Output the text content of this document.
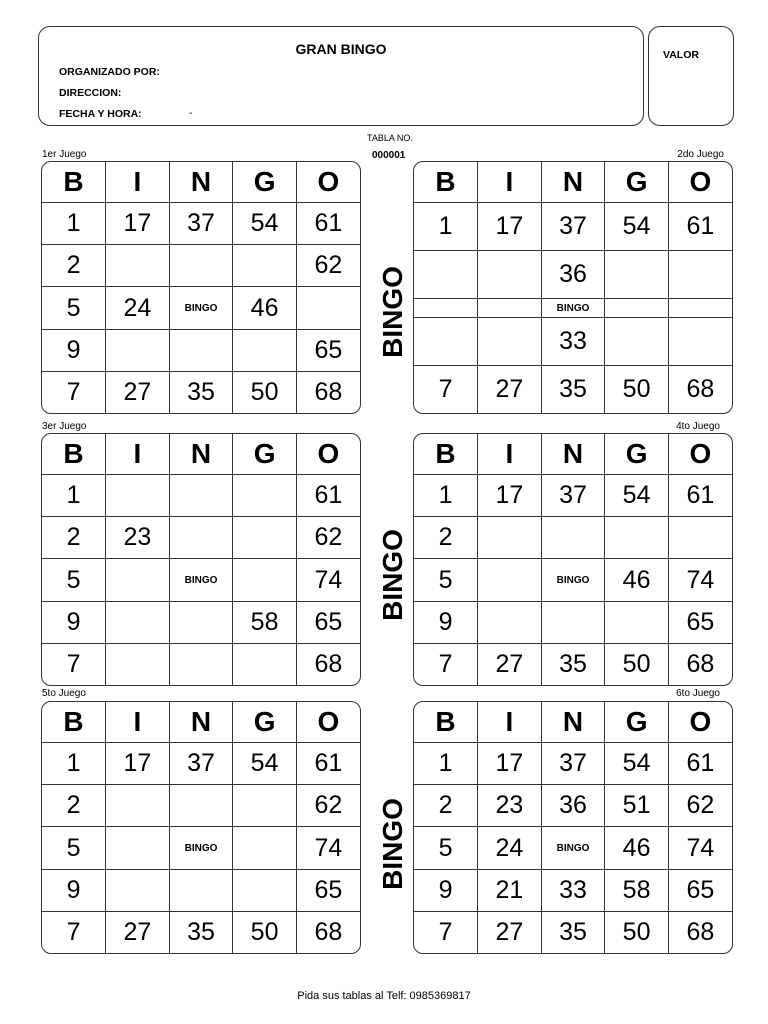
GRAN BINGO
ORGANIZADO POR:
DIRECCION:
FECHA Y HORA:	-
VALOR
TABLA NO.
000001
1er Juego	2do Juego
3er Juego	4to Juego
5to Juego	6to Juego
B	I	N	G	O
1	17	37	54	61
2				62
5	24	BINGO	46	
9				65
7	27	35	50	68
B	I	N	G	O
1	17	37	54	61
		36		
		BINGO		
		33		
7	27	35	50	68
B	I	N	G	O
1				61
2	23			62
5		BINGO		74
9			58	65
7				68
B	I	N	G	O
1	17	37	54	61
2				
5		BINGO	46	74
9				65
7	27	35	50	68
B	I	N	G	O
1	17	37	54	61
2				62
5		BINGO		74
9				65
7	27	35	50	68
B	I	N	G	O
1	17	37	54	61
2	23	36	51	62
5	24	BINGO	46	74
9	21	33	58	65
7	27	35	50	68
BINGO
BINGO
BINGO
Pida sus tablas al Telf: 0985369817
